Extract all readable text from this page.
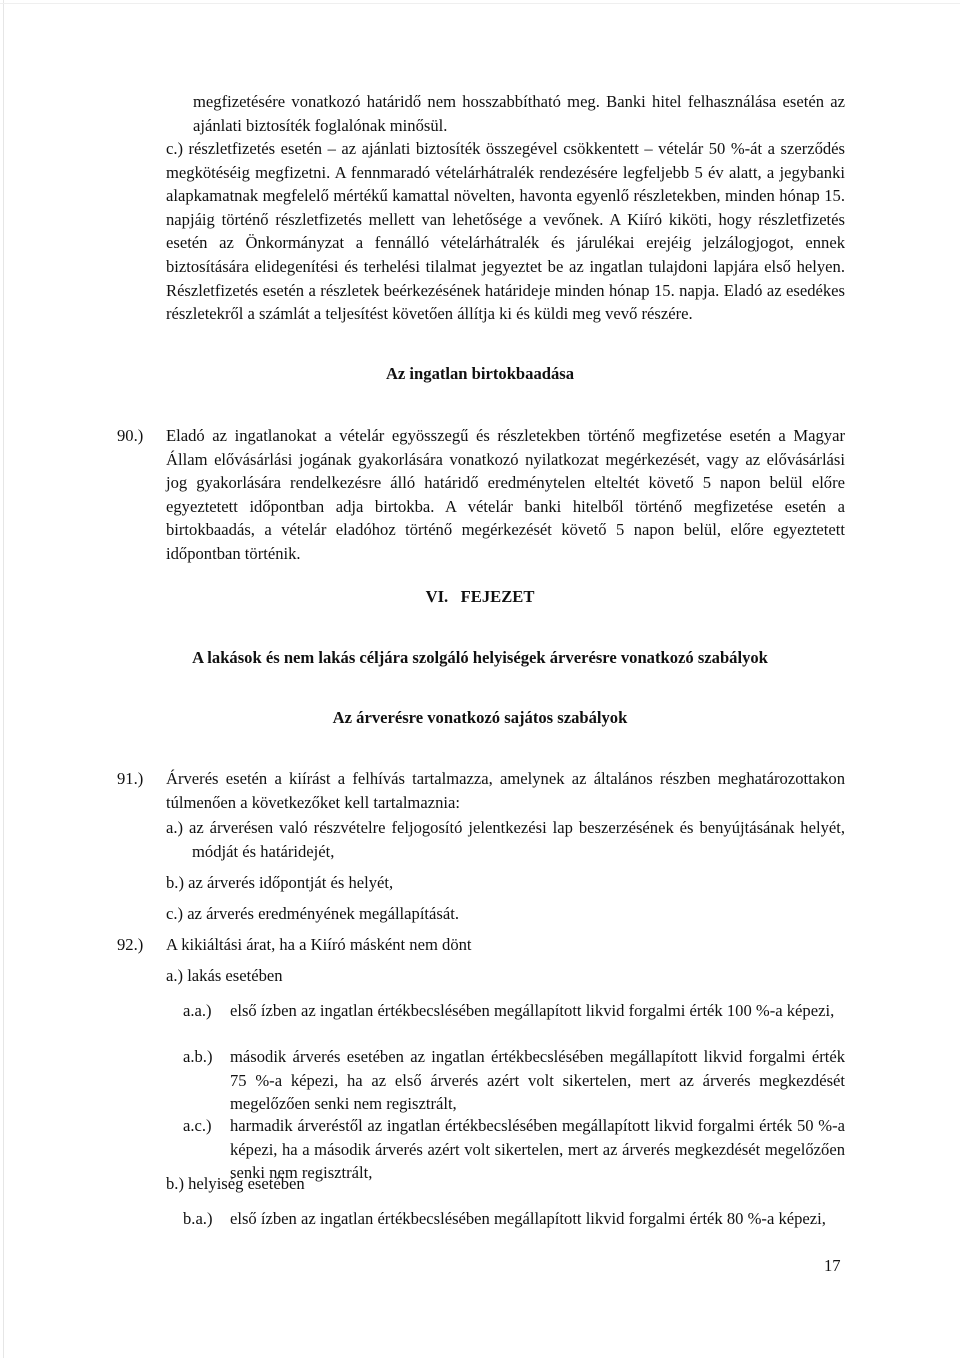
megfizetésére vonatkozó határidő nem hosszabbítható meg. Banki hitel felhasználása esetén az ajánlati biztosíték foglalónak minősül.

c.) részletfizetés esetén – az ajánlati biztosíték összegével csökkentett – vételár 50 %-át a szerződés megkötéséig megfizetni. A fennmaradó vételárhátralék rendezésére legfeljebb 5 év alatt, a jegybanki alapkamatnak megfelelő mértékű kamattal növelten, havonta egyenlő részletekben, minden hónap 15. napjáig történő részletfizetés mellett van lehetősége a vevőnek. A Kiíró kiköti, hogy részletfizetés esetén az Önkormányzat a fennálló vételárhátralék és járulékai erejéig jelzálogjogot, ennek biztosítására elidegenítési és terhelési tilalmat jegyeztet be az ingatlan tulajdoni lapjára első helyen. Részletfizetés esetén a részletek beérkezésének határideje minden hónap 15. napja. Eladó az esedékes részletekről a számlát a teljesítést követően állítja ki és küldi meg vevő részére.

Az ingatlan birtokbaadása

90.) Eladó az ingatlanokat a vételár egyösszegű és részletekben történő megfizetése esetén a Magyar Állam elővásárlási jogának gyakorlására vonatkozó nyilatkozat megérkezését, vagy az elővásárlási jog gyakorlására rendelkezésre álló határidő eredménytelen elteltét követő 5 napon belül előre egyeztetett időpontban adja birtokba. A vételár banki hitelből történő megfizetése esetén a birtokbaadás, a vételár eladóhoz történő megérkezését követő 5 napon belül, előre egyeztetett időpontban történik.

VI.   FEJEZET

A lakások és nem lakás céljára szolgáló helyiségek árverésre vonatkozó szabályok

Az árverésre vonatkozó sajátos szabályok

91.) Árverés esetén a kiírást a felhívás tartalmazza, amelynek az általános részben meghatározottakon túlmenően a következőket kell tartalmaznia:

a.) az árverésen való részvételre feljogosító jelentkezési lap beszerzésének és benyújtásának helyét, módját és határidejét,

b.) az árverés időpontját és helyét,

c.) az árverés eredményének megállapítását.

92.) A kikiáltási árat, ha a Kiíró másként nem dönt

a.) lakás esetében

a.a.) első ízben az ingatlan értékbecslésében megállapított likvid forgalmi érték 100 %-a képezi,

a.b.) második árverés esetében az ingatlan értékbecslésében megállapított likvid forgalmi érték 75 %-a képezi, ha az első árverés azért volt sikertelen, mert az árverés megkezdését megelőzően senki nem regisztrált,

a.c.) harmadik árveréstől az ingatlan értékbecslésében megállapított likvid forgalmi érték 50 %-a képezi, ha a második árverés azért volt sikertelen, mert az árverés megkezdését megelőzően senki nem regisztrált,

b.) helyiség esetében

b.a.) első ízben az ingatlan értékbecslésében megállapított likvid forgalmi érték 80 %-a képezi,

17
